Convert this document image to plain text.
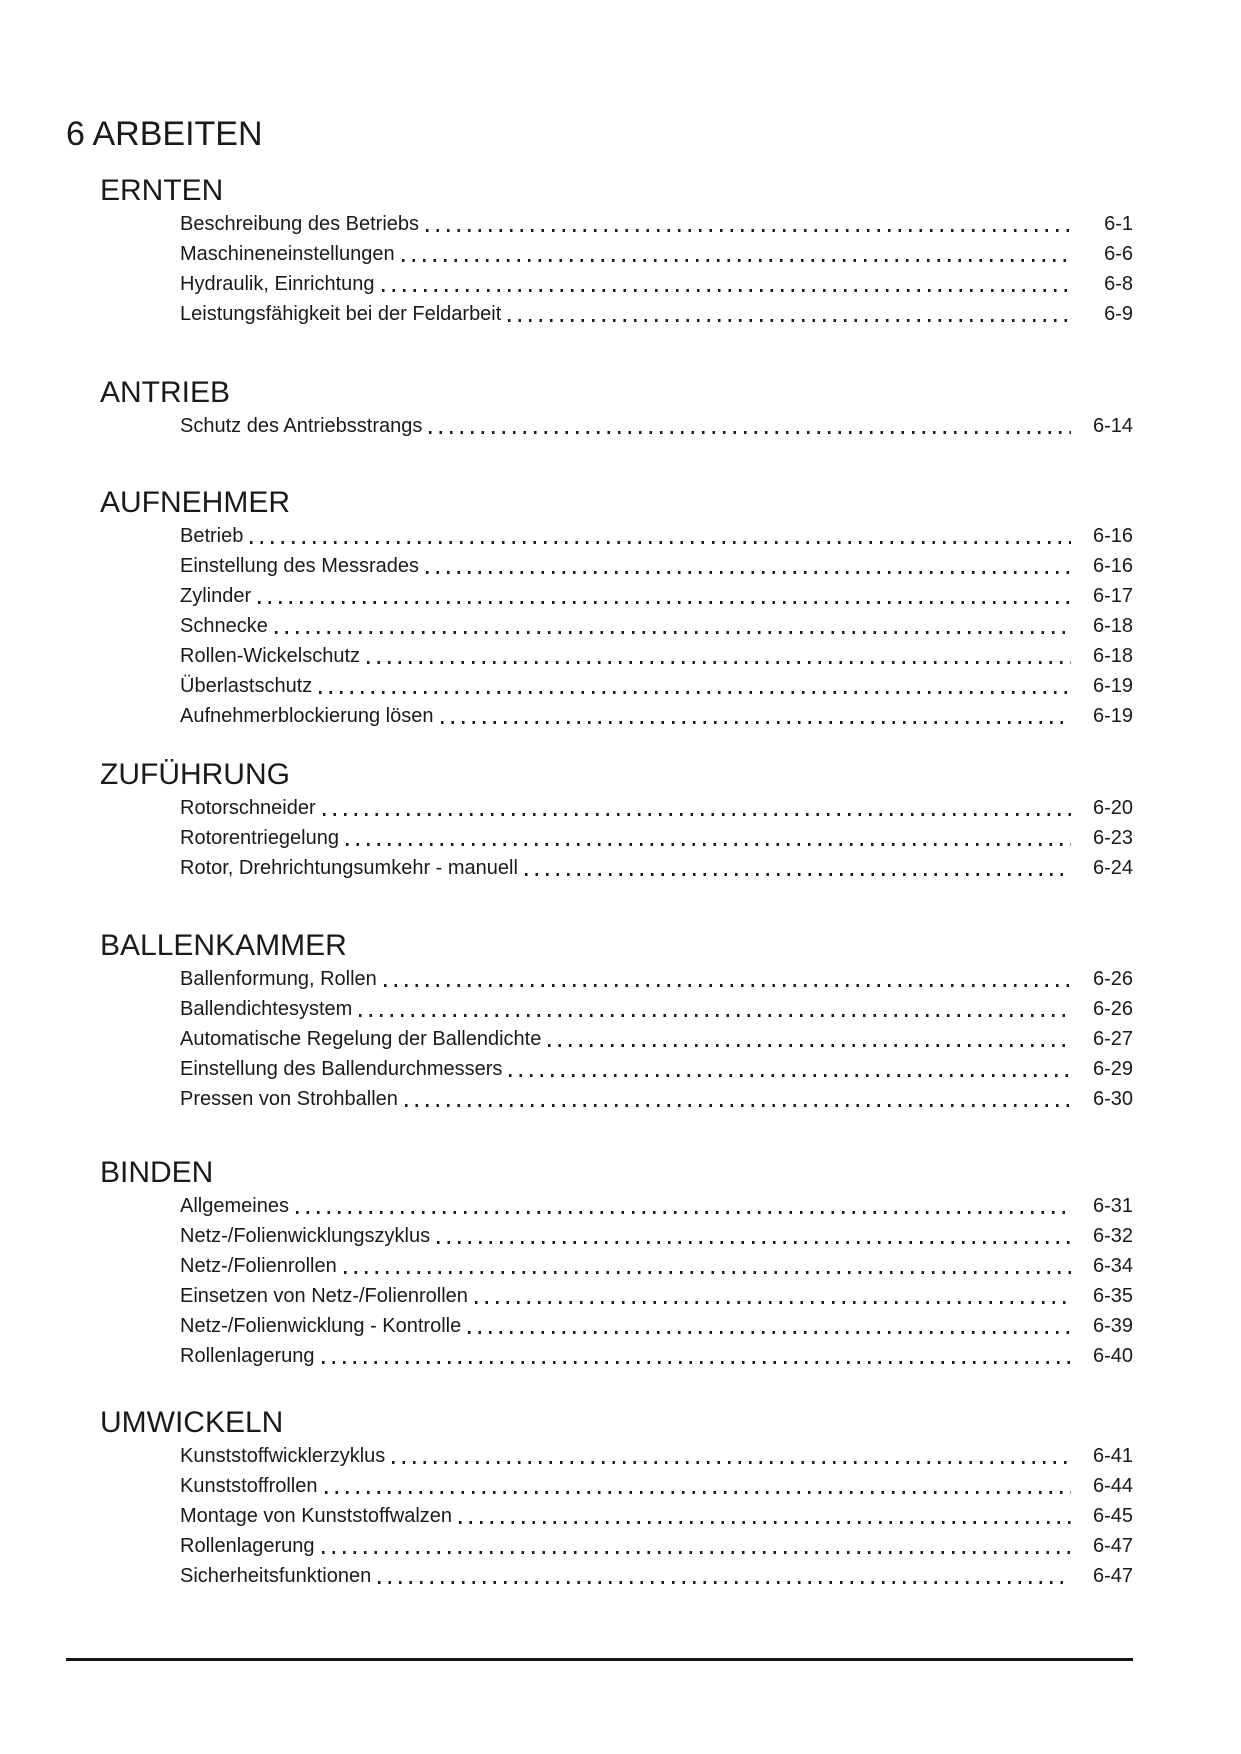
6 ARBEITEN
ERNTEN
Beschreibung des Betriebs	6-1
Maschineneinstellungen	6-6
Hydraulik, Einrichtung	6-8
Leistungsfähigkeit bei der Feldarbeit	6-9
ANTRIEB
Schutz des Antriebsstrangs	6-14
AUFNEHMER
Betrieb	6-16
Einstellung des Messrades	6-16
Zylinder	6-17
Schnecke	6-18
Rollen-Wickelschutz	6-18
Überlastschutz	6-19
Aufnehmerblockierung lösen	6-19
ZUFÜHRUNG
Rotorschneider	6-20
Rotorentriegelung	6-23
Rotor, Drehrichtungsumkehr - manuell	6-24
BALLENKAMMER
Ballenformung, Rollen	6-26
Ballendichtesystem	6-26
Automatische Regelung der Ballendichte	6-27
Einstellung des Ballendurchmessers	6-29
Pressen von Strohballen	6-30
BINDEN
Allgemeines	6-31
Netz-/Folienwicklungszyklus	6-32
Netz-/Folienrollen	6-34
Einsetzen von Netz-/Folienrollen	6-35
Netz-/Folienwicklung - Kontrolle	6-39
Rollenlagerung	6-40
UMWICKELN
Kunststoffwicklerzyklus	6-41
Kunststoffrollen	6-44
Montage von Kunststoffwalzen	6-45
Rollenlagerung	6-47
Sicherheitsfunktionen	6-47
